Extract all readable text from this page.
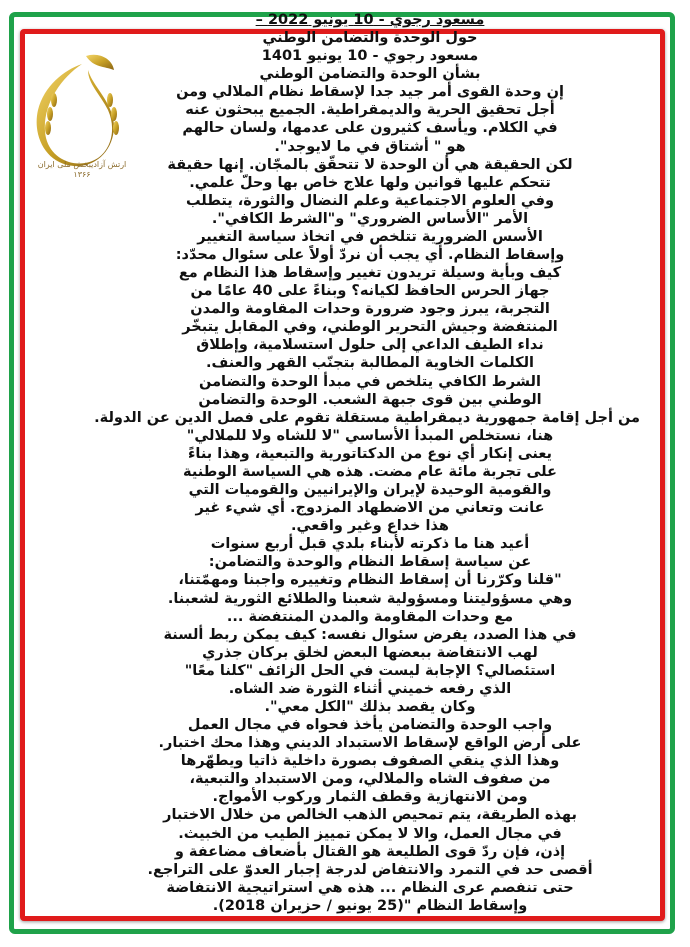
ارتش آزادیبخش ملی ایران
۱۳۶۶
مسعود رجوي - 10 يونيو 2022 –
حول الوحدة والتضامن الوطني
مسعود رجوي - 10 يونيو 1401
بشأن الوحدة والتضامن الوطني
إن وحدة القوى أمر جيد جدا لإسقاط نظام الملالي ومن
أجل تحقيق الحرية والديمقراطية. الجميع يبحثون عنه
في الكلام. ويأسف كثيرون على عدمها، ولسان حالهم
هو " أشتاق في ما لايوجد".
لكن الحقيقة هي أن الوحدة لا تتحقّق بالمجّان. إنها حقيقة
تتحكم عليها قوانين ولها علاج خاص بها وحلّ علمي.
وفي العلوم الاجتماعية وعلم النضال والثورة، يتطلب
الأمر "الأساس الضروري" و"الشرط الكافي".
الأسس الضرورية تتلخص في اتخاذ سياسة التغيير
وإسقاط النظام. أي يجب أن نردّ أولاً على سئوال محدّد:
كيف وبأية وسيلة تريدون تغيير وإسقاط هذا النظام مع
جهاز الحرس الحافظ لكيانه؟ وبناءً على 40 عامًا من
التجربة، يبرز وجود ضرورة وحدات المقاومة والمدن
المنتفضة وجيش التحرير الوطني، وفي المقابل يتبخّر
نداء الطيف الداعي إلى حلول استسلامية، وإطلاق
الكلمات الخاوية المطالبة بتجنّب القهر والعنف.
الشرط الكافي يتلخص في مبدأ الوحدة والتضامن
الوطني بين قوى جبهة الشعب. الوحدة والتضامن
من أجل إقامة جمهورية ديمقراطية مستقلة تقوم على فصل الدين عن الدولة.
هنا، نستخلص المبدأ الأساسي "لا للشاه ولا للملالي"
يعنى إنكار أي نوع من الدكتاتورية والتبعية، وهذا بناءً
على تجربة مائة عام مضت. هذه هي السياسة الوطنية
والقومية الوحيدة لإيران والإيرانيين والقوميات التي
عانت وتعاني من الاضطهاد المزدوج. أي شيء غير
هذا خداع وغير واقعي.
أعيد هنا ما ذكرته لأبناء بلدي قبل أربع سنوات
عن سياسة إسقاط النظام والوحدة والتضامن:
"قلنا وكرّرنا أن إسقاط النظام وتغييره واجبنا ومهمّتنا،
وهي مسؤوليتنا ومسؤولية شعبنا والطلائع الثورية لشعبنا.
مع وحدات المقاومة والمدن المنتفضة ...
في هذا الصدد، يفرض سئوال نفسه: كيف يمكن ربط ألسنة
لهب الانتفاضة ببعضها البعض لخلق بركان جذري
استئصالي؟ الإجابة ليست في الحل الزائف "كلنا معًا"
الذي رفعه خميني أثناء الثورة ضد الشاه.
وكان يقصد بذلك "الكل معي".
واجب الوحدة والتضامن يأخذ فحواه في مجال العمل
على أرض الواقع لإسقاط الاستبداد الديني وهذا محك اختبار.
وهذا الذي ينقي الصفوف بصورة داخلية ذاتيا ويطهّرها
من صفوف الشاه والملالي، ومن الاستبداد والتبعية،
ومن الانتهازية وقطف الثمار وركوب الأمواج.
بهذه الطريقة، يتم تمحيص الذهب الخالص من خلال الاختبار
في مجال العمل، والا لا يمكن تمييز الطيب من الخبيث.
إذن، فإن ردّ قوى الطليعة هو القتال بأضعاف مضاعفة و
أقصى حد في التمرد والانتفاض لدرجة إجبار العدوّ على التراجع.
حتى تنفصم عرى النظام ... هذه هي استراتيجية الانتفاضة
وإسقاط النظام "(25 يونيو / حزيران 2018).
